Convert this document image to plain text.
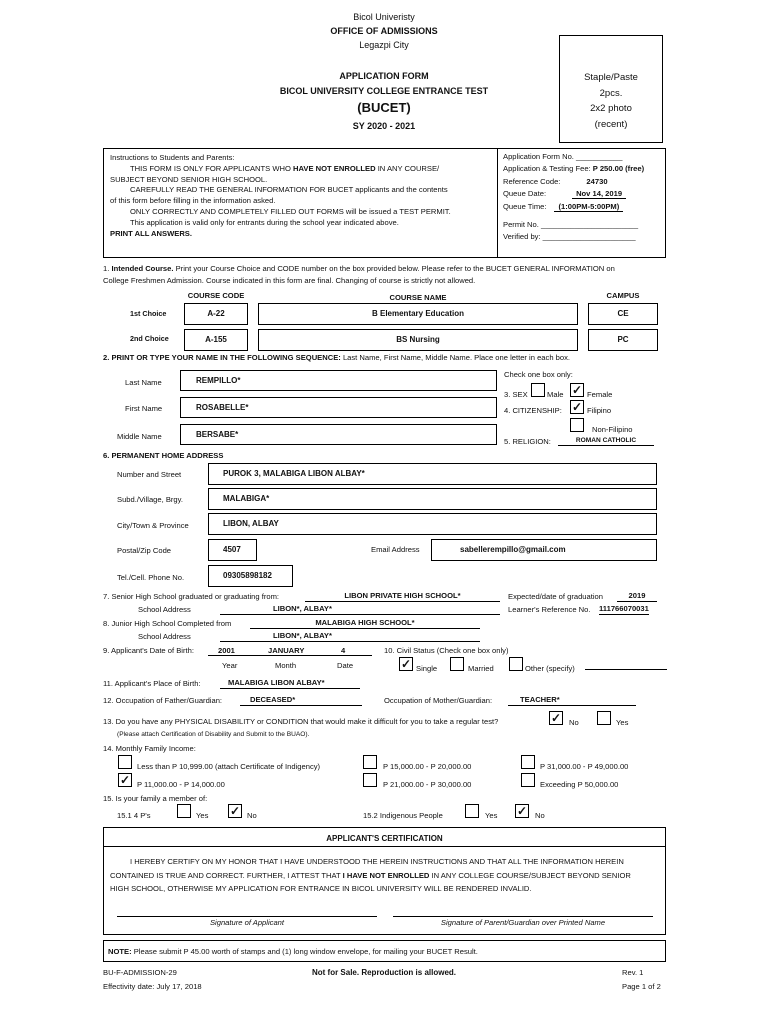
Bicol Univeristy
OFFICE OF ADMISSIONS
Legazpi City
APPLICATION FORM
BICOL UNIVERSITY COLLEGE ENTRANCE TEST
(BUCET)
SY 2020 - 2021
Staple/Paste
2pcs.
2x2 photo
(recent)
Instructions to Students and Parents:
THIS FORM IS ONLY FOR APPLICANTS WHO HAVE NOT ENROLLED IN ANY COURSE/
SUBJECT BEYOND SENIOR HIGH SCHOOL.
CAREFULLY READ THE GENERAL INFORMATION FOR BUCET applicants and the contents
of this form before filling in the information asked.
ONLY CORRECTLY AND COMPLETELY FILLED OUT FORMS will be issued a TEST PERMIT.
This application is valid only for entrants during the school year indicated above.
PRINT ALL ANSWERS.
Application Form No. ___________
Application & Testing Fee: P 250.00 (free)
Reference Code:	24730
Queue Date:	Nov 14, 2019
Queue Time: (1:00PM-5:00PM)
Permit No. _______________________
Verified by: ______________________
1. Intended Course. Print your Course Choice and CODE number on the box provided below. Please refer to the BUCET GENERAL INFORMATION on
College Freshmen Admission. Course indicated in this form are final. Changing of course is strictly not allowed.
COURSE CODE	COURSE NAME	CAMPUS
1st Choice	A-22	B Elementary Education	CE
2nd Choice	A-155	BS Nursing	PC
2. PRINT OR TYPE YOUR NAME IN THE FOLLOWING SEQUENCE: Last Name, First Name, Middle Name. Place one letter in each box.
Last Name	REMPILLO*
First Name	ROSABELLE*
Middle Name	BERSABE*
Check one box only:
3. SEX	Male ✓ Female
4. CITIZENSHIP: ✓ Filipino
Non-Filipino
5. RELIGION:	ROMAN CATHOLIC
6. PERMANENT HOME ADDRESS
Number and Street	PUROK 3, MALABIGA LIBON ALBAY*
Subd./Village, Brgy.	MALABIGA*
City/Town & Province	LIBON, ALBAY
Postal/Zip Code	4507	Email Address	sabellerempillo@gmail.com
Tel./Cell. Phone No.	09305898182
7. Senior High School graduated or graduating from:	LIBON PRIVATE HIGH SCHOOL*	Expected/date of graduation	2019
School Address	LIBON*, ALBAY*	Learner's Reference No. 111766070031
8. Junior High School Completed from	MALABIGA HIGH SCHOOL*
School Address	LIBON*, ALBAY*
9. Applicant's Date of Birth:	2001	JANUARY	4
Year	Month	Date
10. Civil Status (Check one box only)
✓ Single	Married	Other (specify)
11. Applicant's Place of Birth:	MALABIGA LIBON ALBAY*
12. Occupation of Father/Guardian:	DECEASED*	Occupation of Mother/Guardian:	TEACHER*
13. Do you have any PHYSICAL DISABILITY or CONDITION that would make it difficult for you to take a regular test?
(Please attach Certification of Disability and Submit to the BUAO).
✓ No	Yes
14. Monthly Family Income:
Less than P 10,999.00 (attach Certificate of Indigency)
✓ P 11,000.00 - P 14,000.00
P 15,000.00 - P 20,000.00
P 21,000.00 - P 30,000.00
P 31,000.00 - P 49,000.00
Exceeding P 50,000.00
15. Is your family a member of:
15.1 4 P's	Yes ✓ No	15.2 Indigenous People	Yes ✓ No
APPLICANT'S CERTIFICATION
I HEREBY CERTIFY ON MY HONOR THAT I HAVE UNDERSTOOD THE HEREIN INSTRUCTIONS AND THAT ALL THE INFORMATION HEREIN
CONTAINED IS TRUE AND CORRECT. FURTHER, I ATTEST THAT I HAVE NOT ENROLLED IN ANY COLLEGE COURSE/SUBJECT BEYOND SENIOR
HIGH SCHOOL, OTHERWISE MY APPLICATION FOR ENTRANCE IN BICOL UNIVERSITY WILL BE RENDERED INVALID.
Signature of Applicant	Signature of Parent/Guardian over Printed Name
NOTE: Please submit P 45.00 worth of stamps and (1) long window envelope, for mailing your BUCET Result.
BU-F-ADMISSION-29
Effectivity date: July 17, 2018
Not for Sale. Reproduction is allowed.	Rev. 1
Page 1 of 2
